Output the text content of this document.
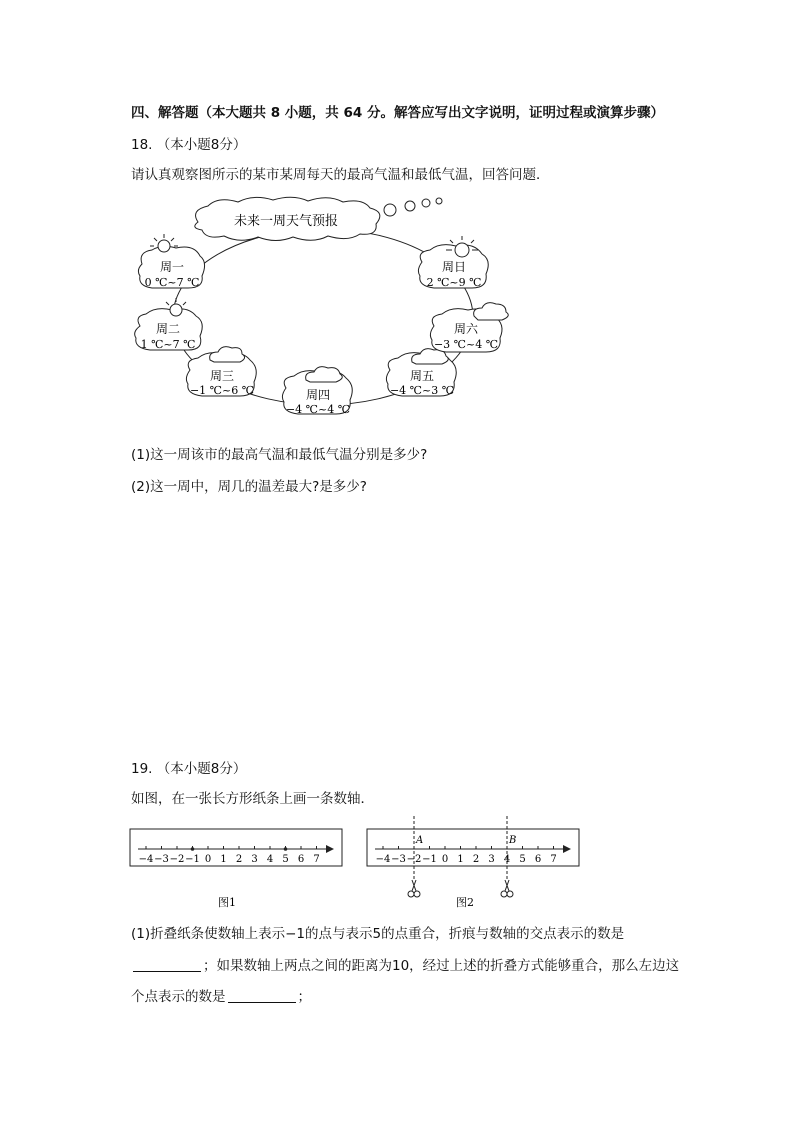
四、解答题（本大题共 8 小题，共 64 分。解答应写出文字说明，证明过程或演算步骤）
18. （本小题8分）
请认真观察图所示的某市某周每天的最高气温和最低气温，回答问题．
未来一周天气预报
周一
0 ℃~7 ℃
周二
1 ℃~7 ℃
周三
−1 ℃~6 ℃	周四
−4 ℃~4 ℃
周五
−4 ℃~3 ℃
周六
−3 ℃~4 ℃
周日
2 ℃~9 ℃
(1)这一周该市的最高气温和最低气温分别是多少?
(2)这一周中，周几的温差最大?是多少?
19. （本小题8分）
如图，在一张长方形纸条上画一条数轴．
−4 −3 −2 −1 0 1 2 3 4 5 6 7
图1
−4 −3 −2 −1 0 1 2 3 4 5 6 7
A	B
图2
(1)折叠纸条使数轴上表示−1的点与表示5的点重合，折痕与数轴的交点表示的数是
；如果数轴上两点之间的距离为10，经过上述的折叠方式能够重合，那么左边这
个点表示的数是	；
